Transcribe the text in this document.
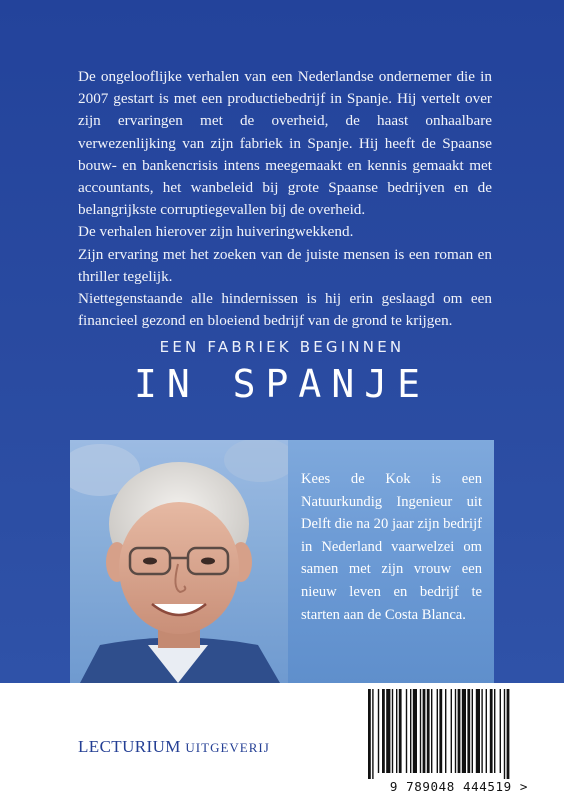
De ongelooflijke verhalen van een Nederlandse ondernemer die in 2007 gestart is met een productiebedrijf in Spanje. Hij vertelt over zijn ervaringen met de overheid, de haast onhaalbare verwezenlijking van zijn fabriek in Spanje. Hij heeft de Spaanse bouw- en bankencrisis intens meegemaakt en kennis gemaakt met accountants, het wanbeleid bij grote Spaanse bedrijven en de belangrijkste corruptiegevallen bij de overheid.

De verhalen hierover zijn huiveringwekkend.

Zijn ervaring met het zoeken van de juiste mensen is een roman en thriller tegelijk.

Niettegenstaande alle hindernissen is hij erin geslaagd om een financieel gezond en bloeiend bedrijf van de grond te krijgen.

EEN FABRIEK BEGINNEN
IN SPANJE

Kees de Kok is een Natuurkundig Ingenieur uit Delft die na 20 jaar zijn bedrijf in Nederland vaarwelzei om samen met zijn vrouw een nieuw leven en bedrijf te starten aan de Costa Blanca.

LECTURIUM UITGEVERIJ
9 789048 444519 >
